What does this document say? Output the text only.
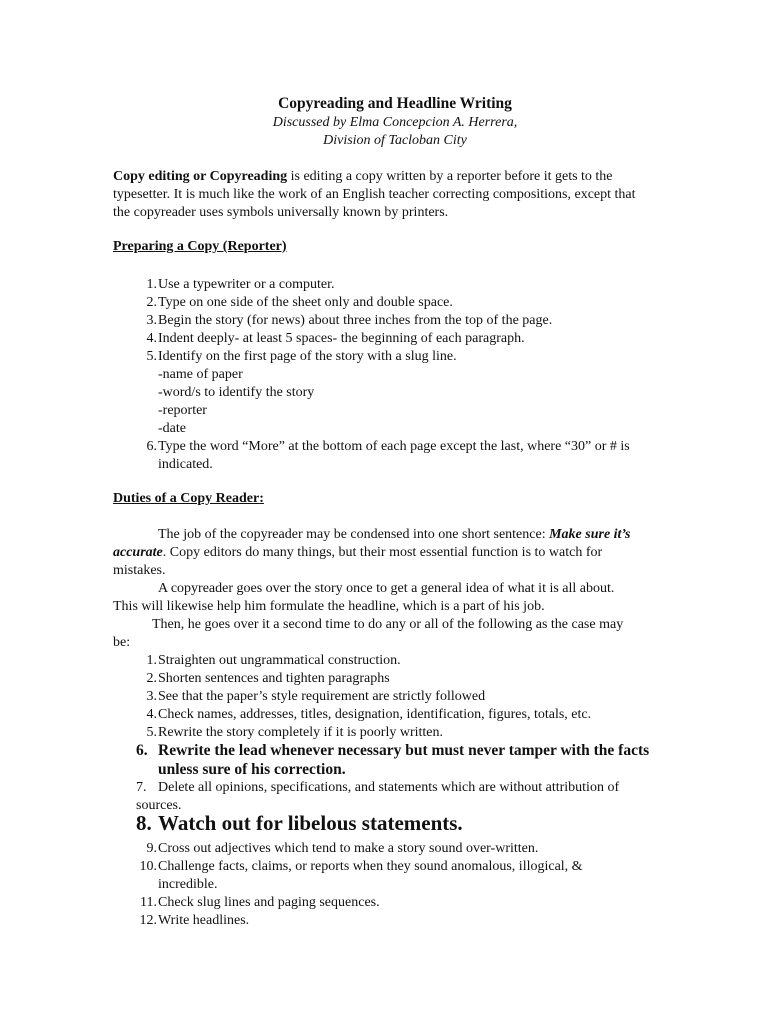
Copyreading and Headline Writing
Discussed by Elma Concepcion A. Herrera,
Division of Tacloban City
Copy editing or Copyreading is editing a copy written by a reporter before it gets to the
typesetter. It is much like the work of an English teacher correcting compositions, except that
the copyreader uses symbols universally known by printers.
Preparing a Copy (Reporter)
1. Use a typewriter or a computer.
2. Type on one side of the sheet only and double space.
3. Begin the story (for news) about three inches from the top of the page.
4. Indent deeply- at least 5 spaces- the beginning of each paragraph.
5. Identify on the first page of the story with a slug line.
-name of paper
-word/s to identify the story
-reporter
-date
6. Type the word “More” at the bottom of each page except the last, where “30” or # is
indicated.
Duties of a Copy Reader:
The job of the copyreader may be condensed into one short sentence: Make sure it’s
accurate. Copy editors do many things, but their most essential function is to watch for
mistakes.
A copyreader goes over the story once to get a general idea of what it is all about.
This will likewise help him formulate the headline, which is a part of his job.
Then, he goes over it a second time to do any or all of the following as the case may
be:
1. Straighten out ungrammatical construction.
2. Shorten sentences and tighten paragraphs
3. See that the paper’s style requirement are strictly followed
4. Check names, addresses, titles, designation, identification, figures, totals, etc.
5. Rewrite the story completely if it is poorly written.
6. Rewrite the lead whenever necessary but must never tamper with the facts
unless sure of his correction.
7. Delete all opinions, specifications, and statements which are without attribution of
sources.
8. Watch out for libelous statements.
9. Cross out adjectives which tend to make a story sound over-written.
10. Challenge facts, claims, or reports when they sound anomalous, illogical, &
incredible.
11. Check slug lines and paging sequences.
12. Write headlines.
